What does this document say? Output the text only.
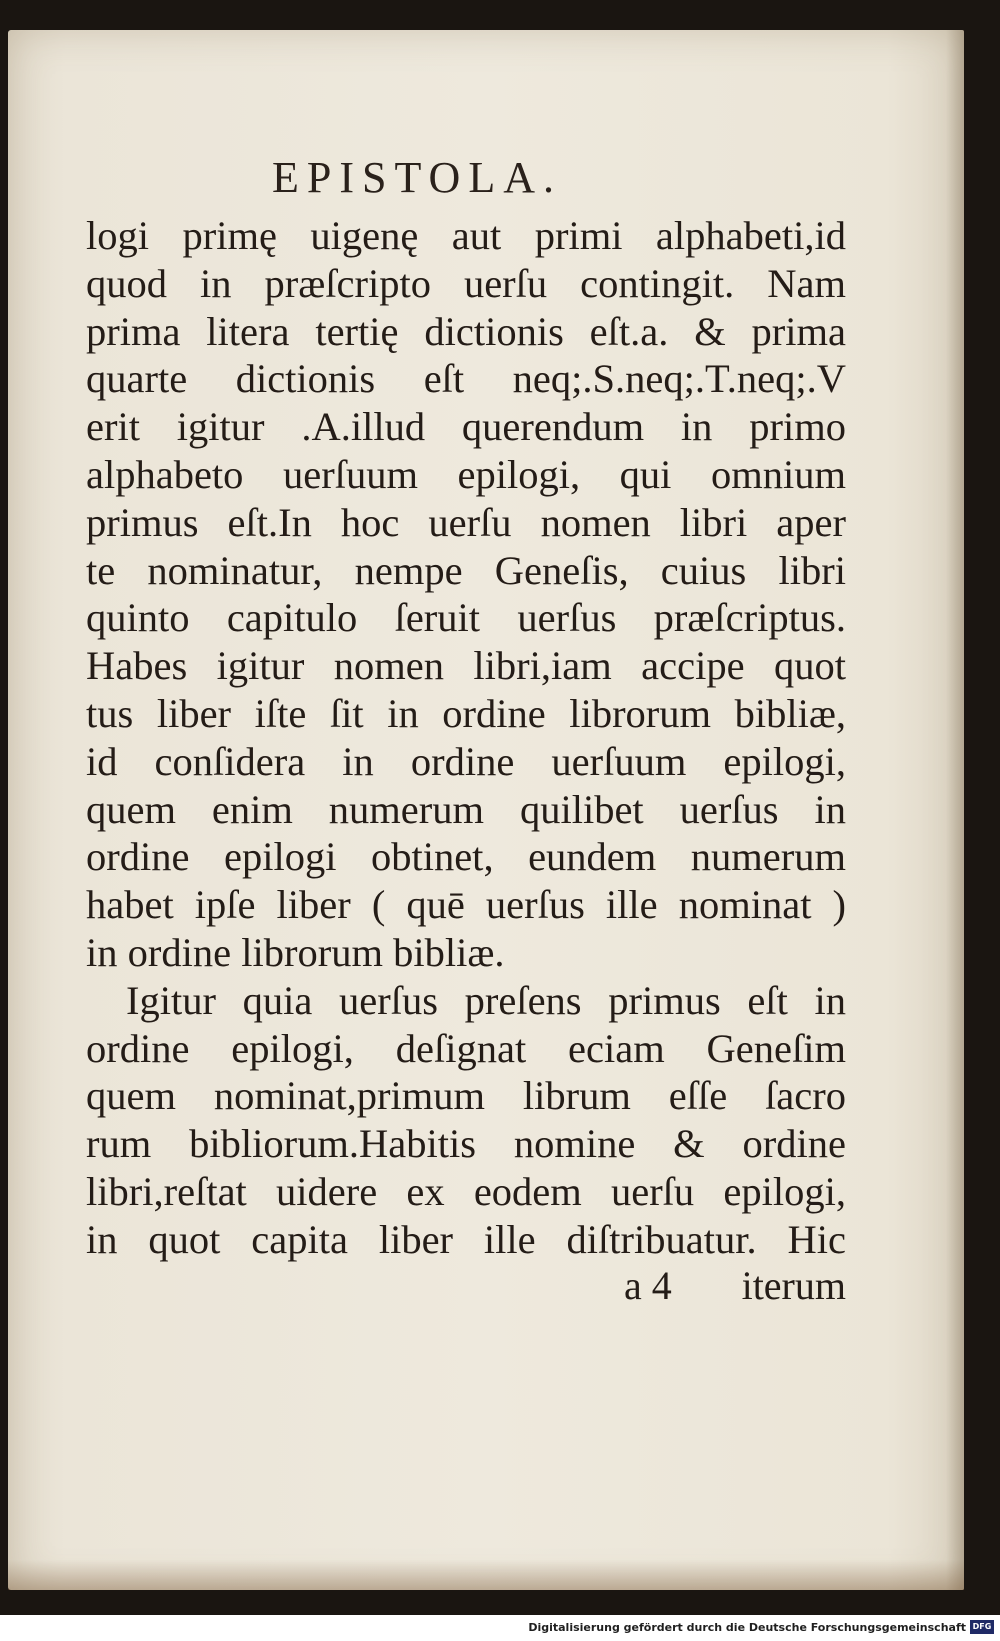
EPISTOLA.
logi primę uigenę aut primi alphabeti,id
quod in præſcripto uerſu contingit. Nam
prima litera tertię dictionis eſt.a. & prima
quarte dictionis eſt neq;.S.neq;.T.neq;.V
erit igitur .A.illud querendum in primo
alphabeto uerſuum epilogi, qui omnium
primus eſt.In hoc uerſu nomen libri aper
te nominatur, nempe Geneſis, cuius libri
quinto capitulo ſeruit uerſus præſcriptus.
Habes igitur nomen libri,iam accipe quot
tus liber iſte ſit in ordine librorum bibliæ,
id conſidera in ordine uerſuum epilogi,
quem enim numerum quilibet uerſus in
ordine epilogi obtinet, eundem numerum
habet ipſe liber ( quē uerſus ille nominat )
in ordine librorum bibliæ.
Igitur quia uerſus preſens primus eſt in
ordine epilogi, deſignat eciam Geneſim
quem nominat,primum librum eſſe ſacro
rum bibliorum.Habitis nomine & ordine
libri,reſtat uidere ex eodem uerſu epilogi,
in quot capita liber ille diſtribuatur. Hic
a 4 iterum
Digitalisierung gefördert durch die Deutsche Forschungsgemeinschaft DFG
